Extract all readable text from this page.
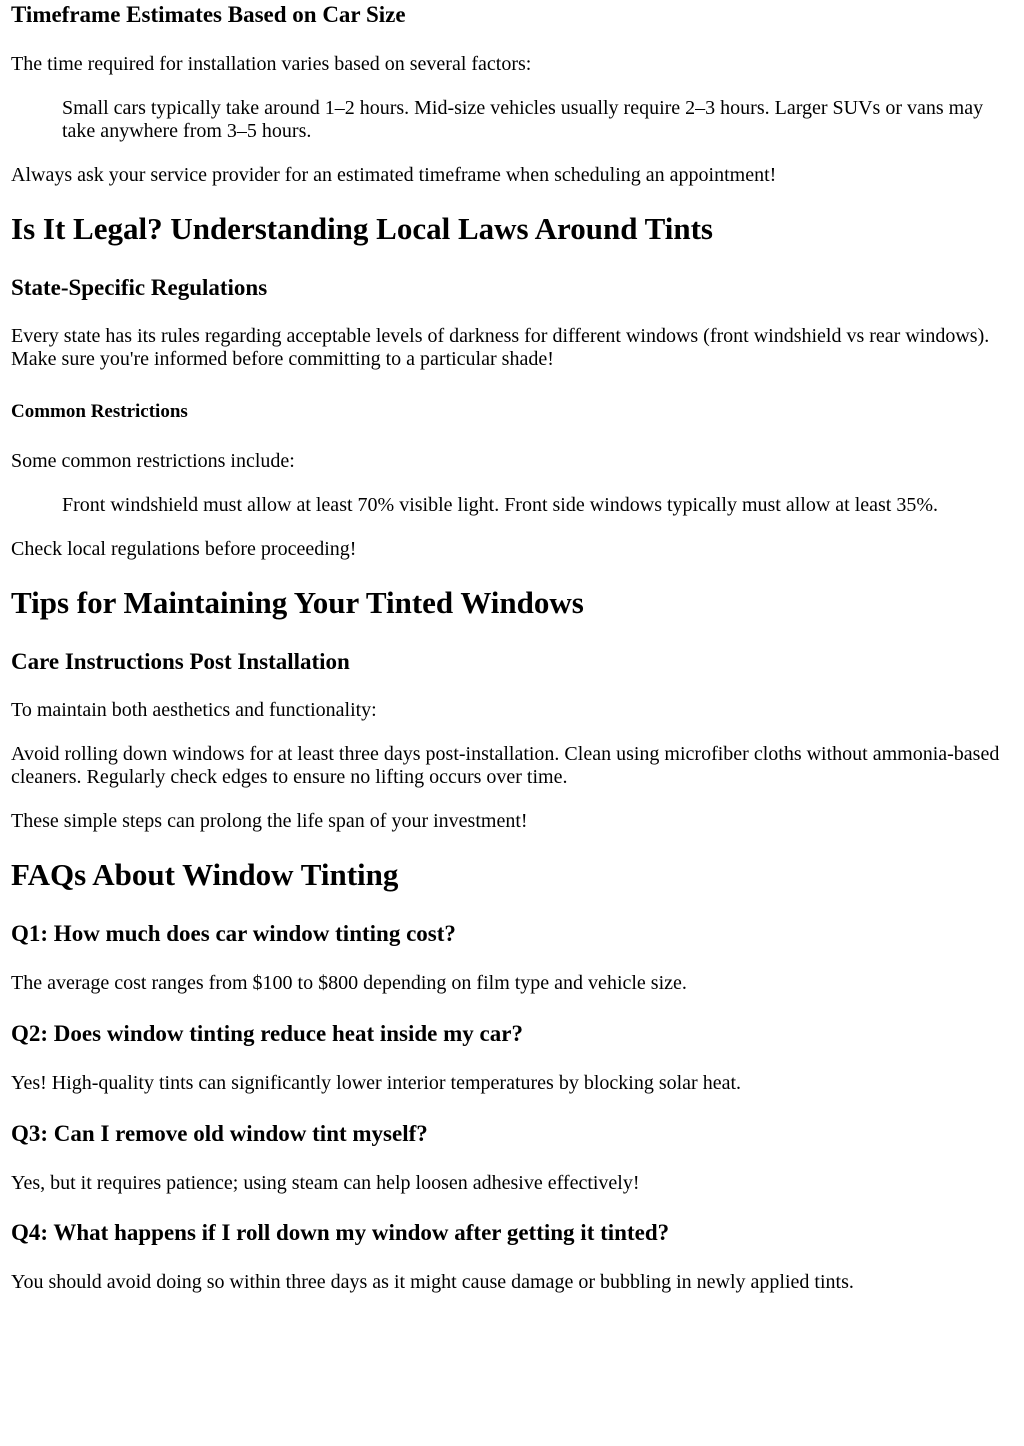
Timeframe Estimates Based on Car Size

The time required for installation varies based on several factors:

Small cars typically take around 1–2 hours. Mid-size vehicles usually require 2–3 hours. Larger SUVs or vans may take anywhere from 3–5 hours.

Always ask your service provider for an estimated timeframe when scheduling an appointment!

Is It Legal? Understanding Local Laws Around Tints
State-Specific Regulations

Every state has its rules regarding acceptable levels of darkness for different windows (front windshield vs rear windows). Make sure you're informed before committing to a particular shade!

Common Restrictions

Some common restrictions include:

Front windshield must allow at least 70% visible light. Front side windows typically must allow at least 35%.

Check local regulations before proceeding!

Tips for Maintaining Your Tinted Windows
Care Instructions Post Installation

To maintain both aesthetics and functionality:

Avoid rolling down windows for at least three days post-installation. Clean using microfiber cloths without ammonia-based cleaners. Regularly check edges to ensure no lifting occurs over time.

These simple steps can prolong the life span of your investment!

FAQs About Window Tinting
Q1: How much does car window tinting cost?

The average cost ranges from $100 to $800 depending on film type and vehicle size.

Q2: Does window tinting reduce heat inside my car?

Yes! High-quality tints can significantly lower interior temperatures by blocking solar heat.

Q3: Can I remove old window tint myself?

Yes, but it requires patience; using steam can help loosen adhesive effectively!

Q4: What happens if I roll down my window after getting it tinted?

You should avoid doing so within three days as it might cause damage or bubbling in newly applied tints.
